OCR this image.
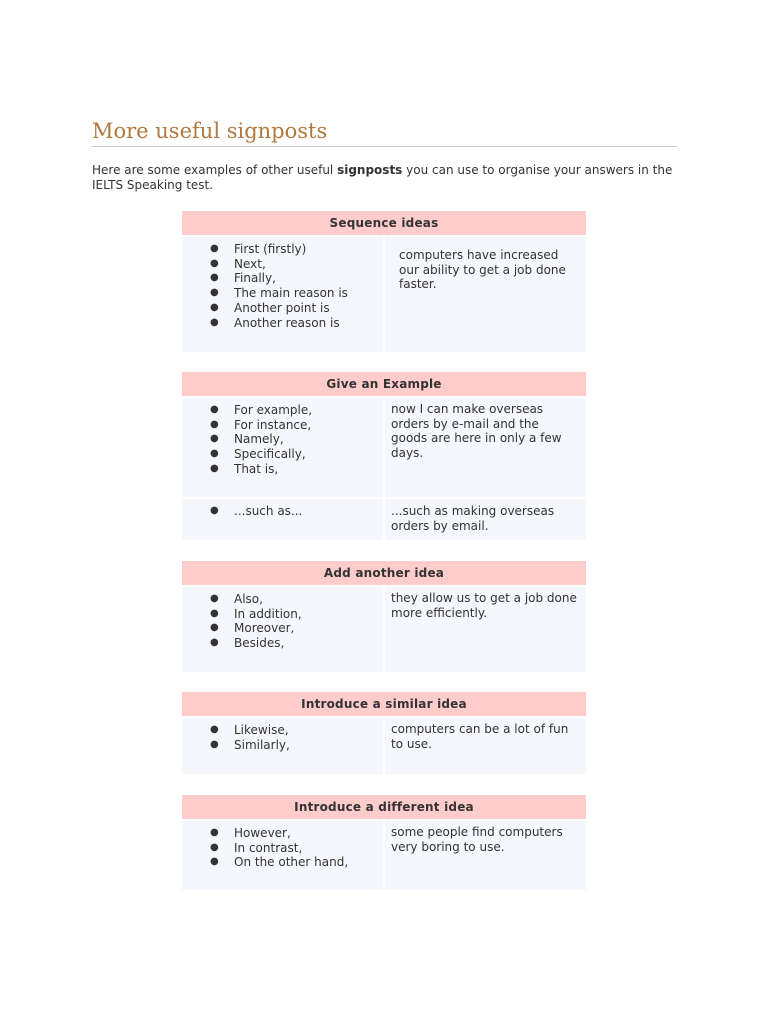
More useful signposts

Here are some examples of other useful signposts you can use to organise your answers in the IELTS Speaking test.

Sequence ideas
● First (firstly)
● Next,
● Finally,
● The main reason is
● Another point is
● Another reason is
computers have increased our ability to get a job done faster.
Give an Example
● For example,
● For instance,
● Namely,
● Specifically,
● That is,
now I can make overseas orders by e-mail and the goods are here in only a few days.
● ...such as...	...such as making overseas orders by email.
Add another idea
● Also,
● In addition,
● Moreover,
● Besides,
they allow us to get a job done more efficiently.
Introduce a similar idea
● Likewise,
● Similarly,
computers can be a lot of fun to use.
Introduce a different idea
● However,
● In contrast,
● On the other hand,
some people find computers very boring to use.
